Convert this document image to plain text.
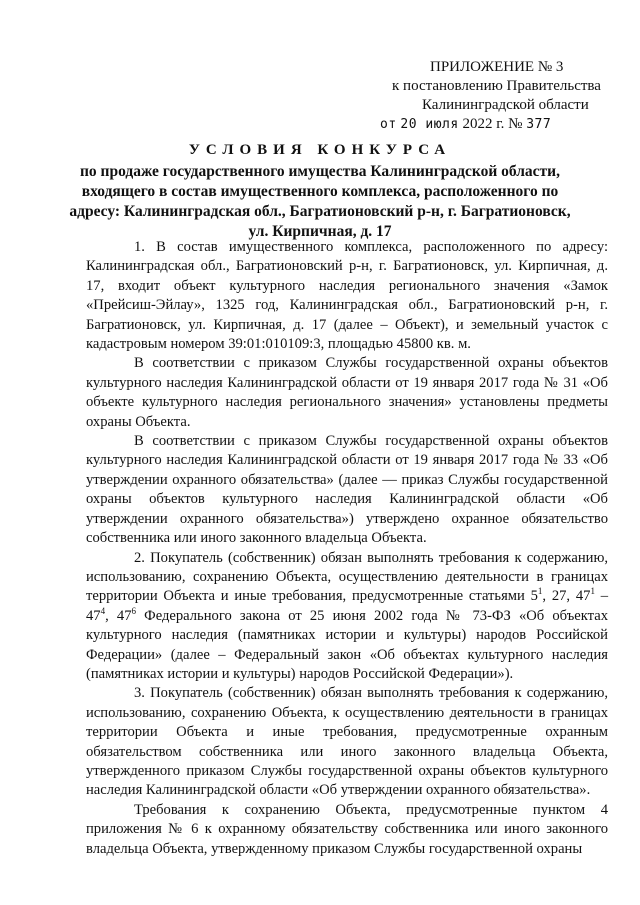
ПРИЛОЖЕНИЕ № 3
к постановлению Правительства
Калининградской области
от 20 июля 2022 г. № 377
УСЛОВИЯ КОНКУРСА
по продаже государственного имущества Калининградской области,
входящего в состав имущественного комплекса, расположенного по
адресу: Калининградская обл., Багратионовский р-н, г. Багратионовск,
ул. Кирпичная, д. 17

1. В состав имущественного комплекса, расположенного по адресу: Калининградская обл., Багратионовский р-н, г. Багратионовск, ул. Кирпичная, д. 17, входит объект культурного наследия регионального значения «Замок «Прейсиш-Эйлау», 1325 год, Калининградская обл., Багратионовский р-н, г. Багратионовск, ул. Кирпичная, д. 17 (далее – Объект), и земельный участок с кадастровым номером 39:01:010109:3, площадью 45800 кв. м.

В соответствии с приказом Службы государственной охраны объектов культурного наследия Калининградской области от 19 января 2017 года № 31 «Об объекте культурного наследия регионального значения» установлены предметы охраны Объекта.

В соответствии с приказом Службы государственной охраны объектов культурного наследия Калининградской области от 19 января 2017 года № 33 «Об утверждении охранного обязательства» (далее — приказ Службы государственной охраны объектов культурного наследия Калининградской области «Об утверждении охранного обязательства») утверждено охранное обязательство собственника или иного законного владельца Объекта.

2. Покупатель (собственник) обязан выполнять требования к содержанию, использованию, сохранению Объекта, осуществлению деятельности в границах территории Объекта и иные требования, предусмотренные статьями $5^1$, 27, $47^1 - 47^4$, $47^6$ Федерального закона от 25 июня 2002 года № 73-ФЗ «Об объектах культурного наследия (памятниках истории и культуры) народов Российской Федерации» (далее – Федеральный закон «Об объектах культурного наследия (памятниках истории и культуры) народов Российской Федерации»).

3. Покупатель (собственник) обязан выполнять требования к содержанию, использованию, сохранению Объекта, к осуществлению деятельности в границах территории Объекта и иные требования, предусмотренные охранным обязательством собственника или иного законного владельца Объекта, утвержденного приказом Службы государственной охраны объектов культурного наследия Калининградской области «Об утверждении охранного обязательства».

Требования к сохранению Объекта, предусмотренные пунктом 4 приложения № 6 к охранному обязательству собственника или иного законного владельца Объекта, утвержденному приказом Службы государственной охраны
